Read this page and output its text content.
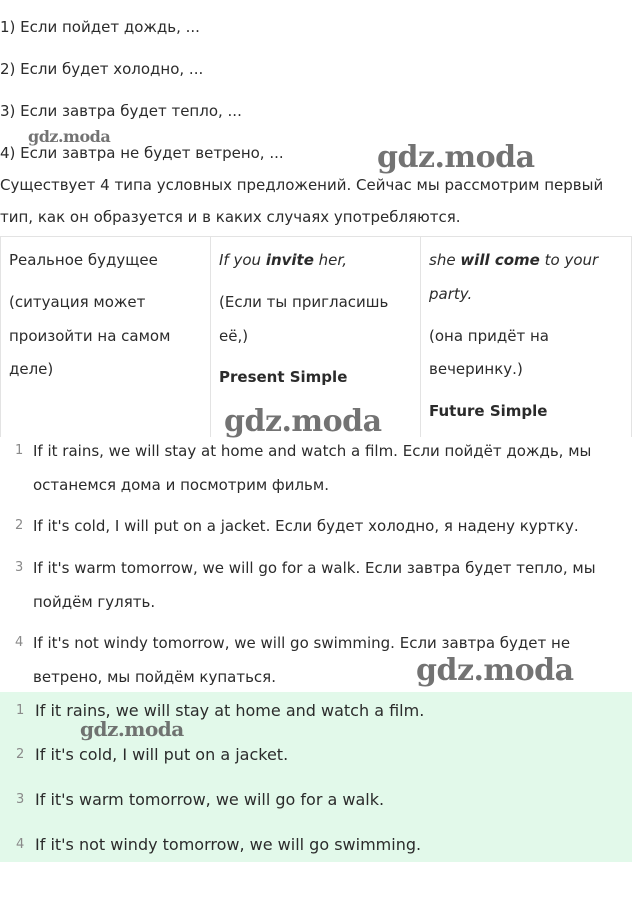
1) Если пойдет дождь, ...
2) Если будет холодно, ...
3) Если завтра будет тепло, ...
4) Если завтра не будет ветрено, ...
Существует 4 типа условных предложений. Сейчас мы рассмотрим первый
тип, как он образуется и в каких случаях употребляются.
Реальное будущее
(ситуация может
произойти на самом
деле)
If you invite her,
(Если ты пригласишь
её,)
Present Simple
she will come to your
party.
(она придёт на
вечеринку.)
Future Simple
1 If it rains, we will stay at home and watch a film. Если пойдёт дождь, мы
останемся дома и посмотрим фильм.
2 If it's cold, I will put on a jacket. Если будет холодно, я надену куртку.
3 If it's warm tomorrow, we will go for a walk. Если завтра будет тепло, мы
пойдём гулять.
4 If it's not windy tomorrow, we will go swimming. Если завтра будет не
ветрено, мы пойдём купаться.
1 If it rains, we will stay at home and watch a film.
2 If it's cold, I will put on a jacket.
3 If it's warm tomorrow, we will go for a walk.
4 If it's not windy tomorrow, we will go swimming.
gdz.moda
gdz.moda
gdz.moda
gdz.moda
gdz.moda
